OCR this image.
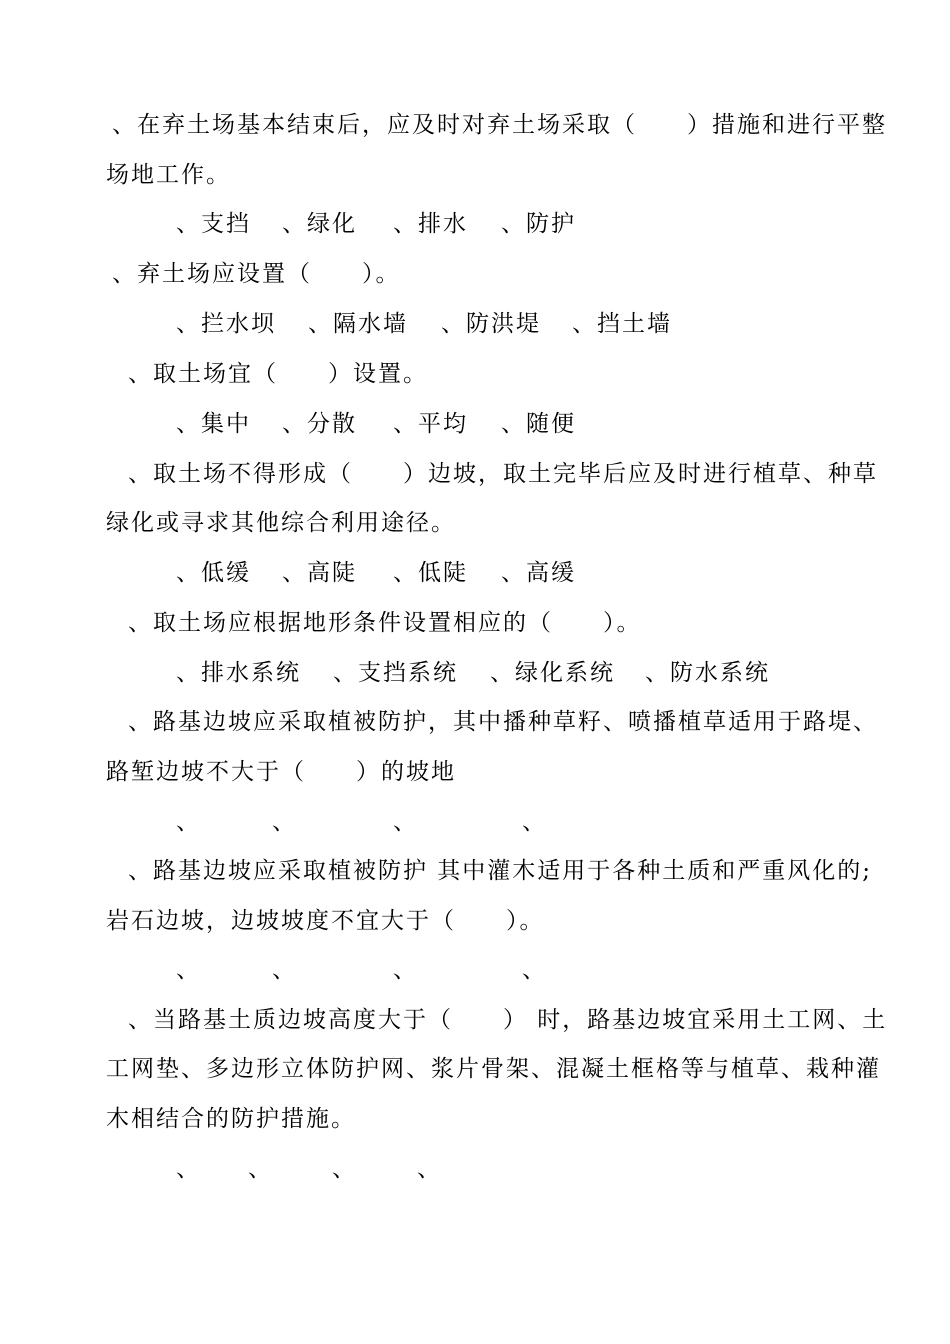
、在弃土场基本结束后，应及时对弃土场采取（　　）措施和进行平整
场地工作。
、支挡 、绿化 、排水 、防护
、弃土场应设置（　　）。
、拦水坝 、隔水墙 、防洪堤 、挡土墙
、取土场宜（　　）设置。
、集中 、分散 、平均 、随便
、取土场不得形成（　　）边坡，取土完毕后应及时进行植草、种草
绿化或寻求其他综合利用途径。
、低缓 、高陡 、低陡 、高缓
、取土场应根据地形条件设置相应的（　　）。
、排水系统 、支挡系统 、绿化系统 、防水系统
、路基边坡应采取植被防护，其中播种草籽、喷播植草适用于路堤、
路堑边坡不大于（　　）的坡地
、	、	、	、
、路基边坡应采取植被防护 其中灌木适用于各种土质和严重风化的;
岩石边坡，边坡坡度不宜大于（　　）。
、	、	、	、
、当路基土质边坡高度大于（　　） 时，路基边坡宜采用土工网、土
工网垫、多边形立体防护网、浆片骨架、混凝土框格等与植草、栽种灌
木相结合的防护措施。
、 、	、	、
